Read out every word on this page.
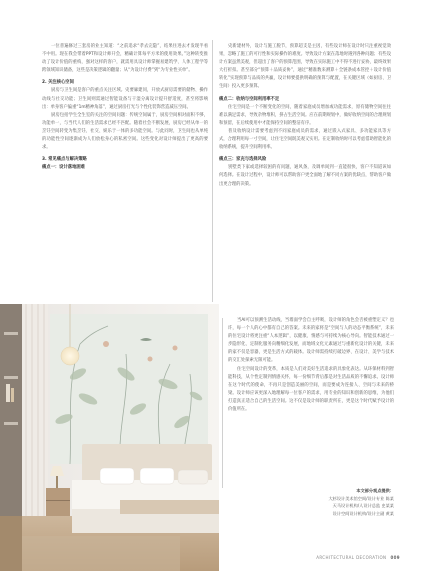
一位普遍修过三套房的业主知道：“之前追求“孝去完隐”，结果住进去才发现半看不中用。现在我会带着PPT和设计师开会，精确计算每平方米的使用效果。”这种转变推动了设计价值的重构，强对这样的客户，就需用具设计师掌握易建筑学、人体工程学等跨领域知识储备，这些是决策逻辑的翻量；从“为设计付费”到“为专业性买单”。

2. 关注核心空间

厨房与卫生间是客户的重点关注区域。史要廊建同，开放式厨房需要的储物、操作动线与社交功能；卫生间则需通过智能设备与干湿分离设计提升舒适度，甚至将影响出：单身客户偏重“1m精神角落”，通过厨房打光与个性化装饰营造减压空间。

厨房包括学生全生室的关注的空间问题：传统空间属于，厨房空间相对面积不够，功能单一，与当代人们的生活需求已经不匹配。随着社会不断发展，厨房已经从单一的烹饪空间转变为集烹饪、社交、娱乐于一体的多功能空间。与此同时，卫生间也从单纯的功能性空间逐渐成为人们放松身心的私密空间。这些变化对设计师提出了更高的要求。

3. 常见痛点与解决策略

痛点一：设计落地困难

史新建材外，设计与施工脱节，预算超支是主因，有些设计师在设计时只注重视觉效果，忽略了施工的可行性和实际操作的难度。导致设计方案在落地时遇到各种问题；有些设计方案虽然美观，但超出了客户的预算范围，导致在实际施工中不得不进行妥协，最终效果大打折扣。甚至部分“预算＋品质妥协”，通过“精准数来测算＋全链条成本管控＋设计价值转化”实现预算与品质的共赢，设计师要提供明确的预算与配置，在关键区域（如厨房、卫生间）投入更多预算。

痛点二：收纳与空间利用率不足

住宅空间是一个不断变化的空间，随着家庭成员增加或功能需求，原有储物空间往往难以满足需求，导致杂物堆积，挤占生活空间。应在前期规划中，做好收纳空间的合理规划和预留，在后续使用中才能保持空间的整洁有序。

普及收纳设计需要考虑到不同家庭成员的需求，通过嵌入式家具、多功能家具等方式，合理利用每一寸空间，让住宅空间既美观又实用。在定制收纳时可以考虑借助智能化的收纳系统，提升空间利用率。

痛点三：家充与选择风险

别墅类下家或选择较困的有问题，通风条，及调单间到一直能很快，客户不知道该如何选择。在设计过程中，设计师可以帮助客户更全面地了解不同方案的优缺点，帮助客户做出更合理的决策。

当AI可以预测生活动线，当墙面学会自主呼吸，设计师的角色会否被重塑定义？也许，每一个人的心中都有自己的答案。未来的家将是“空间与人的动态平衡系统”，未来的住宅设计将更注重“人本逻辑”，以健康、情感与可持续为核心导向。智能技术通过一步隐形化、定制化服务向精细化发展，而地域文化元素通过与重新化设计的关键，未来的家不仅是容器，更是生活方式的载体。设计师需持续打破边界、在设计、美学与技术的交汇处探索无限可能。

住宅空间设计的变革，本质是人们对美好生活追求的具象化表达。从环保材料到智能科技，从个性定制到情感关怀，每一份细节背后都是对生活品质的不懈追求。设计师在这个时代的使命，不再只是创造美丽的空间，而是要成为连接人、空间与未来的桥梁。设计师应该更深入地理解每一位客户的需求，用专业的知识和创新的思维，为他们打造真正适合自己的生活空间。这不仅是设计师的职责所在，更是这个时代赋予设计的价值所在。

本文部分观点提供：
大杉设计美术馆空间/设计专业 陈某
天马设计机构/人设计总监 史某某
设计空间设计机构/设计主副 黄某
ARCHITECTURAL DECORATION 009
